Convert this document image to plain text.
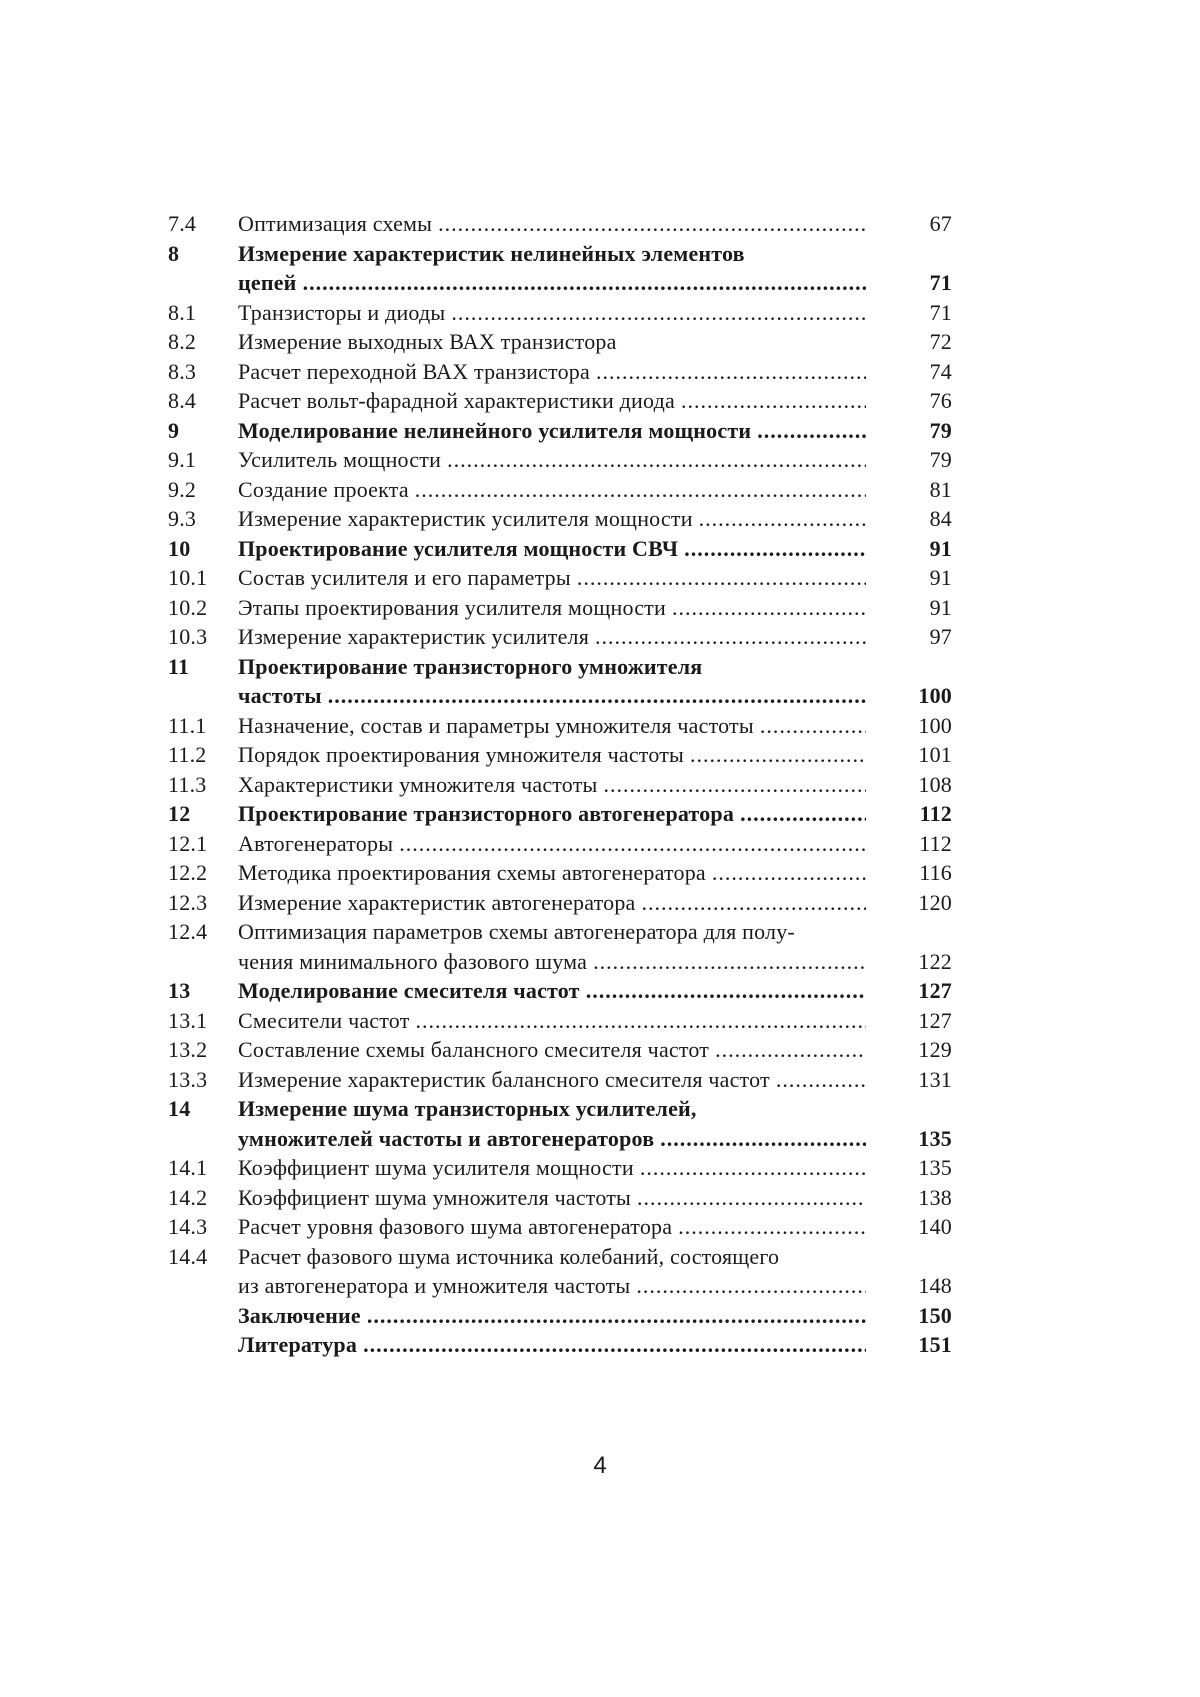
7.4	Оптимизация схемы
.....	67
8	Измерение характеристик нелинейных элементов
цепей
.....	71
8.1	Транзисторы и диоды
.....	71
8.2	Измерение выходных ВАХ транзистора	72
8.3	Расчет переходной ВАХ транзистора
.....	74
8.4	Расчет вольт-фарадной характеристики диода
.....	76
9	Моделирование нелинейного усилителя мощности
.....	79
9.1	Усилитель мощности
.....	79
9.2	Создание проекта
.....	81
9.3	Измерение характеристик усилителя мощности
.....	84
10	Проектирование усилителя мощности СВЧ
.....	91
10.1	Состав усилителя и его параметры
.....	91
10.2	Этапы проектирования усилителя мощности
.....	91
10.3	Измерение характеристик усилителя
.....	97
11	Проектирование транзисторного умножителя
частоты
.....	100
11.1	Назначение, состав и параметры умножителя частоты
.....	100
11.2	Порядок проектирования умножителя частоты
.....	101
11.3	Характеристики умножителя частоты
.....	108
12	Проектирование транзисторного автогенератора
.....	112
12.1	Автогенераторы
.....	112
12.2	Методика проектирования схемы автогенератора
.....	116
12.3	Измерение характеристик автогенератора
.....	120
12.4	Оптимизация параметров схемы автогенератора для полу-
чения минимального фазового шума
.....	122
13	Моделирование смесителя частот
.....	127
13.1	Смесители частот
.....	127
13.2	Составление схемы балансного смесителя частот
.....	129
13.3	Измерение характеристик балансного смесителя частот
.....	131
14	Измерение шума транзисторных усилителей,
умножителей частоты и автогенераторов
.....	135
14.1	Коэффициент шума усилителя мощности
.....	135
14.2	Коэффициент шума умножителя частоты
.....	138
14.3	Расчет уровня фазового шума автогенератора
.....	140
14.4	Расчет фазового шума источника колебаний, состоящего
из автогенератора и умножителя частоты
.....	148
Заключение
.....	150
Литература
.....	151
4
